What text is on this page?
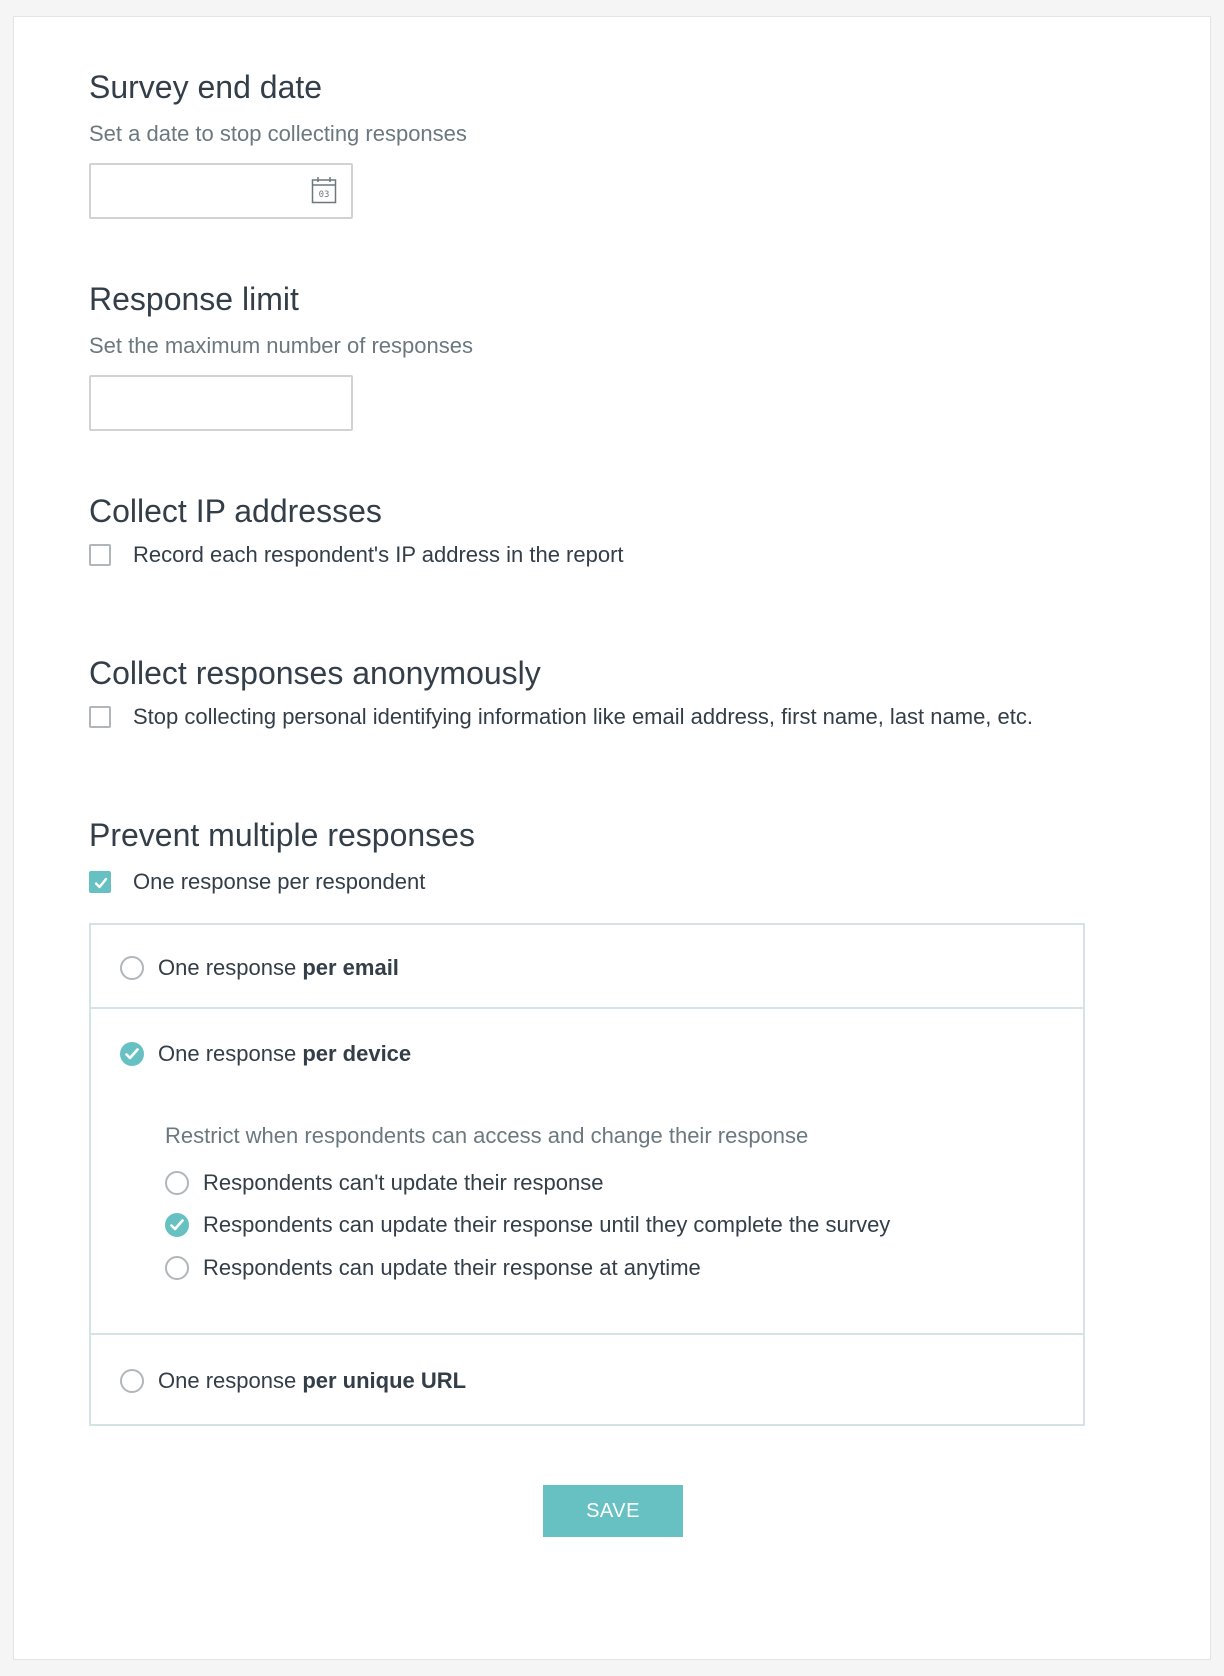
Survey end date
Set a date to stop collecting responses
03
Response limit
Set the maximum number of responses
Collect IP addresses
Record each respondent's IP address in the report
Collect responses anonymously
Stop collecting personal identifying information like email address, first name, last name, etc.
Prevent multiple responses
One response per respondent
One response per email
One response per device
Restrict when respondents can access and change their response
Respondents can't update their response
Respondents can update their response until they complete the survey
Respondents can update their response at anytime
One response per unique URL
SAVE
